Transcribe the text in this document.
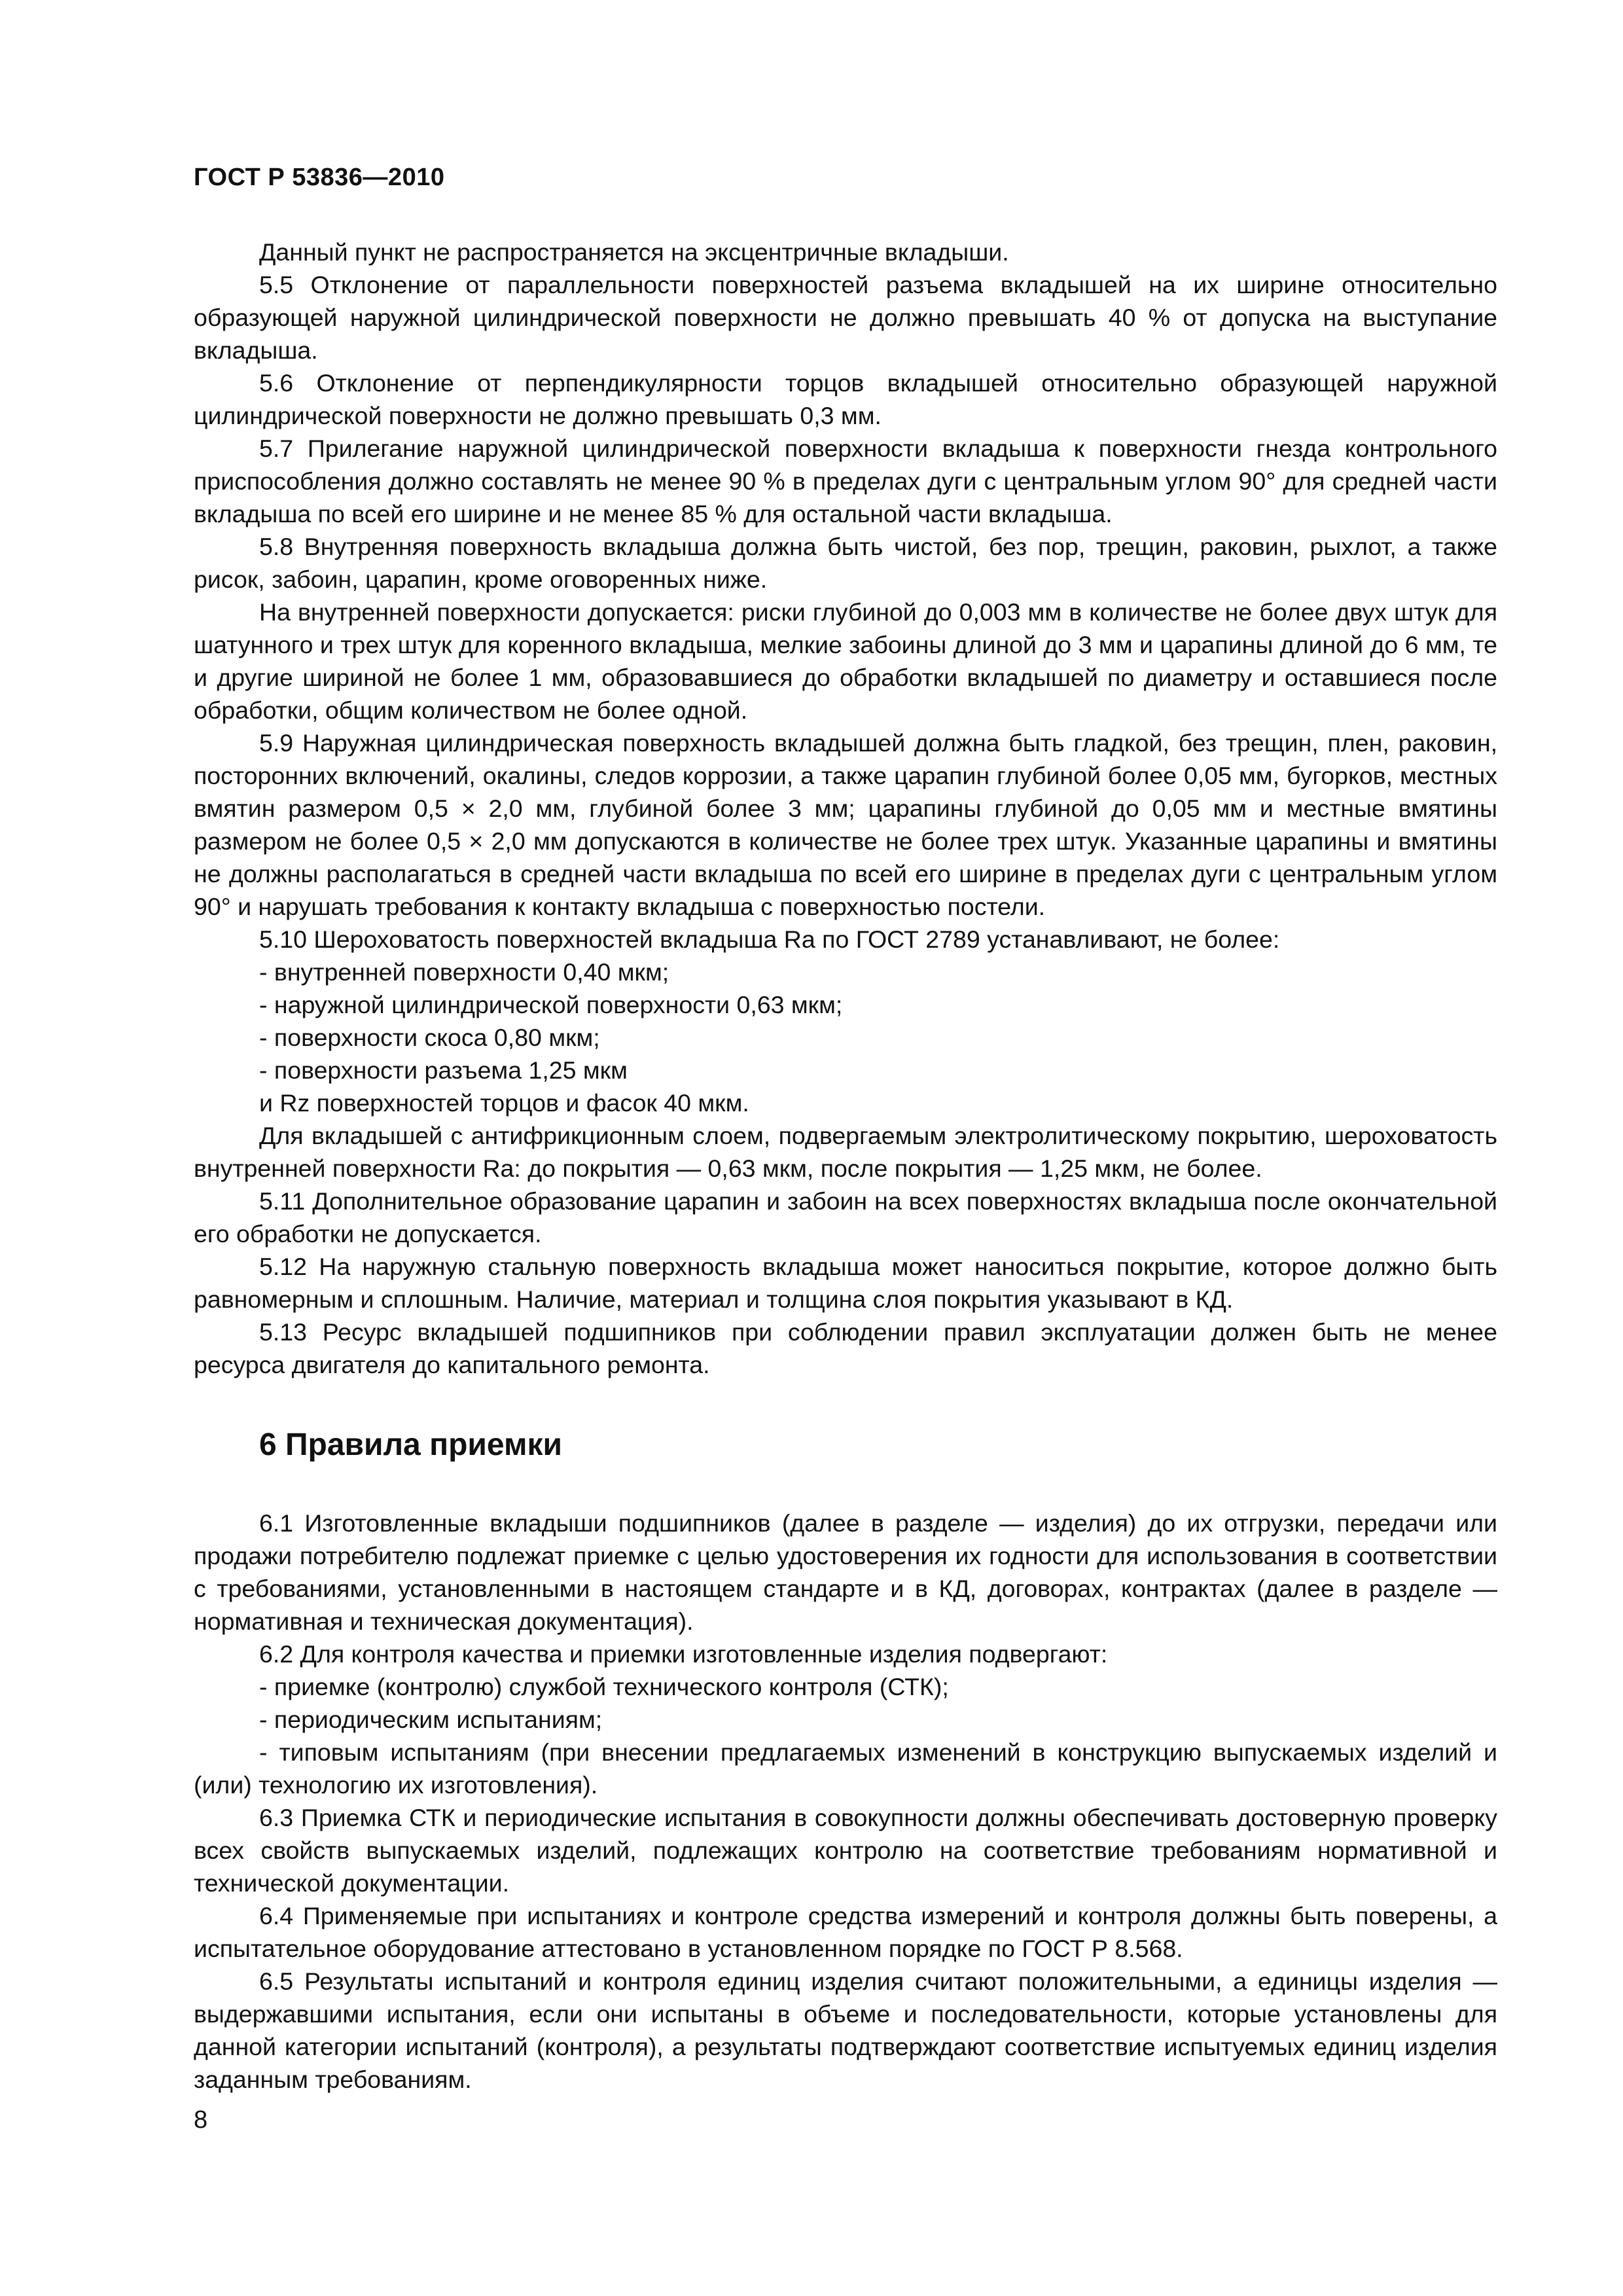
ГОСТ Р 53836—2010

Данный пункт не распространяется на эксцентричные вкладыши.

5.5 Отклонение от параллельности поверхностей разъема вкладышей на их ширине относительно образующей наружной цилиндрической поверхности не должно превышать 40 % от допуска на выступание вкладыша.

5.6 Отклонение от перпендикулярности торцов вкладышей относительно образующей наружной цилиндрической поверхности не должно превышать 0,3 мм.

5.7 Прилегание наружной цилиндрической поверхности вкладыша к поверхности гнезда контрольного приспособления должно составлять не менее 90 % в пределах дуги с центральным углом 90° для средней части вкладыша по всей его ширине и не менее 85 % для остальной части вкладыша.

5.8 Внутренняя поверхность вкладыша должна быть чистой, без пор, трещин, раковин, рыхлот, а также рисок, забоин, царапин, кроме оговоренных ниже.

На внутренней поверхности допускается: риски глубиной до 0,003 мм в количестве не более двух штук для шатунного и трех штук для коренного вкладыша, мелкие забоины длиной до 3 мм и царапины длиной до 6 мм, те и другие шириной не более 1 мм, образовавшиеся до обработки вкладышей по диаметру и оставшиеся после обработки, общим количеством не более одной.

5.9 Наружная цилиндрическая поверхность вкладышей должна быть гладкой, без трещин, плен, раковин, посторонних включений, окалины, следов коррозии, а также царапин глубиной более 0,05 мм, бугорков, местных вмятин размером 0,5 × 2,0 мм, глубиной более 3 мм; царапины глубиной до 0,05 мм и местные вмятины размером не более 0,5 × 2,0 мм допускаются в количестве не более трех штук. Указанные царапины и вмятины не должны располагаться в средней части вкладыша по всей его ширине в пределах дуги с центральным углом 90° и нарушать требования к контакту вкладыша с поверхностью постели.

5.10 Шероховатость поверхностей вкладыша Ra по ГОСТ 2789 устанавливают, не более:

- внутренней поверхности 0,40 мкм;

- наружной цилиндрической поверхности 0,63 мкм;

- поверхности скоса 0,80 мкм;

- поверхности разъема 1,25 мкм

и Rz поверхностей торцов и фасок 40 мкм.

Для вкладышей с антифрикционным слоем, подвергаемым электролитическому покрытию, шероховатость внутренней поверхности Ra: до покрытия — 0,63 мкм, после покрытия — 1,25 мкм, не более.

5.11 Дополнительное образование царапин и забоин на всех поверхностях вкладыша после окончательной его обработки не допускается.

5.12 На наружную стальную поверхность вкладыша может наноситься покрытие, которое должно быть равномерным и сплошным. Наличие, материал и толщина слоя покрытия указывают в КД.

5.13 Ресурс вкладышей подшипников при соблюдении правил эксплуатации должен быть не менее ресурса двигателя до капитального ремонта.

6 Правила приемки

6.1 Изготовленные вкладыши подшипников (далее в разделе — изделия) до их отгрузки, передачи или продажи потребителю подлежат приемке с целью удостоверения их годности для использования в соответствии с требованиями, установленными в настоящем стандарте и в КД, договорах, контрактах (далее в разделе — нормативная и техническая документация).

6.2 Для контроля качества и приемки изготовленные изделия подвергают:

- приемке (контролю) службой технического контроля (СТК);

- периодическим испытаниям;

- типовым испытаниям (при внесении предлагаемых изменений в конструкцию выпускаемых изделий и (или) технологию их изготовления).

6.3 Приемка СТК и периодические испытания в совокупности должны обеспечивать достоверную проверку всех свойств выпускаемых изделий, подлежащих контролю на соответствие требованиям нормативной и технической документации.

6.4 Применяемые при испытаниях и контроле средства измерений и контроля должны быть поверены, а испытательное оборудование аттестовано в установленном порядке по ГОСТ Р 8.568.

6.5 Результаты испытаний и контроля единиц изделия считают положительными, а единицы изделия — выдержавшими испытания, если они испытаны в объеме и последовательности, которые установлены для данной категории испытаний (контроля), а результаты подтверждают соответствие испытуемых единиц изделия заданным требованиям.

8
